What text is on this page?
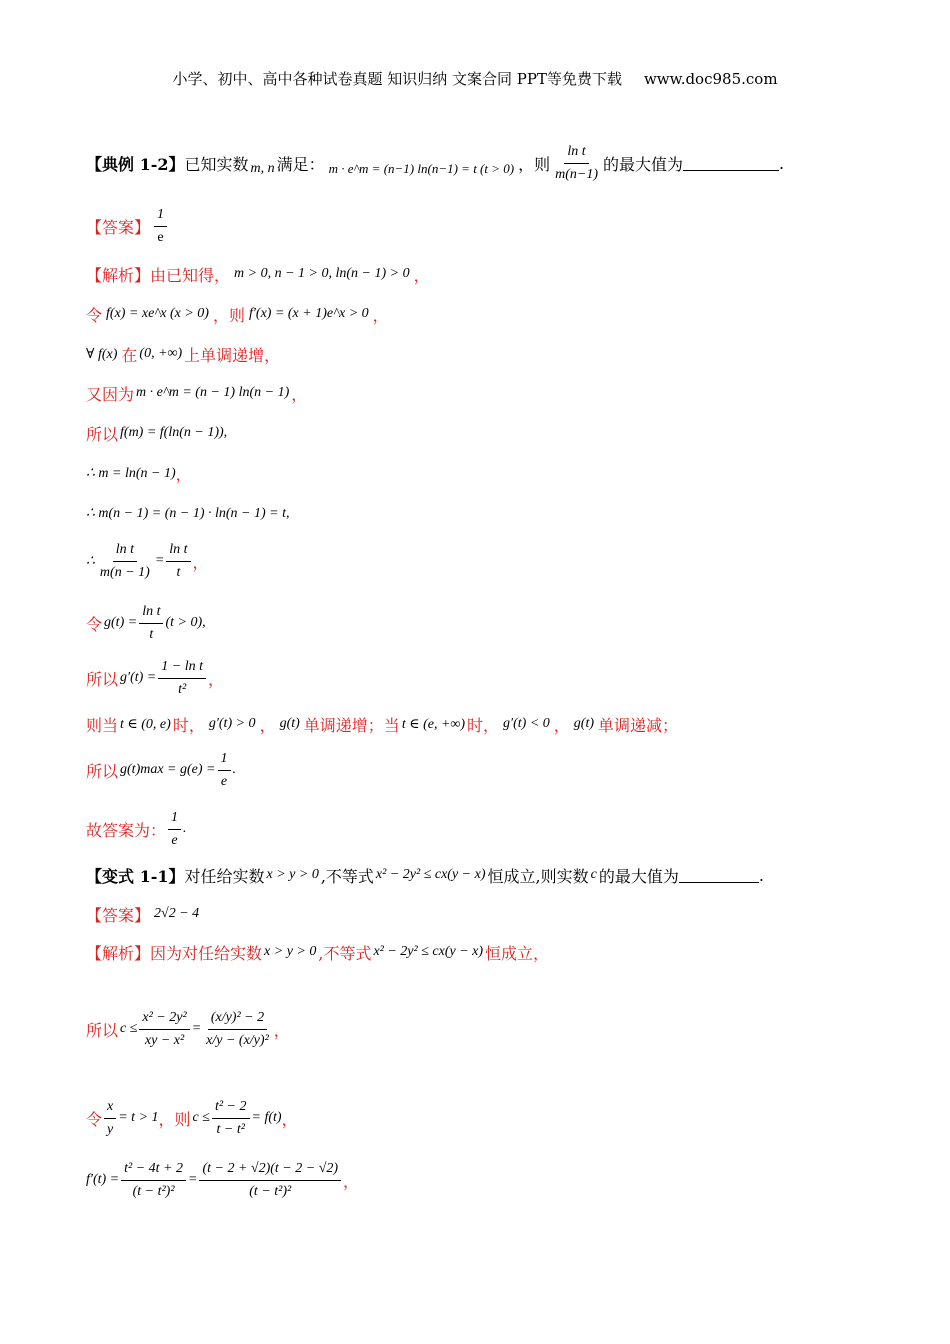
小学、初中、高中各种试卷真题 知识归纳 文案合同 PPT等免费下载 www.doc985.com
【典例 1-2】 已知实数 m, n 满足： m · e^m = (n−1) ln(n−1) = t (t > 0) ，则 $\frac{\text{ln t}}{m(n-1)}$ 的最大值为	.
【答案】 $\frac{1}{e}$
【解析】 由已知得， m > 0, n − 1 > 0, ln(n − 1) > 0 ，
令 f(x) = xe^x (x > 0) ，则 f′(x) = (x + 1)e^x > 0 ，
∀ f(x) 在 (0, +∞) 上单调递增，
又因为 m · e^m = (n − 1) ln(n − 1) ，
所以 f(m) = f(ln(n − 1)),
∴ m = ln(n − 1) ，
∴ m(n − 1) = (n − 1) · ln(n − 1) = t,
∴ $\frac{\text{ln t}}{m(n - 1)} = \frac{\text{ln t}}{t}$ ，
令 $g(t) = \frac{\text{ln t}}{t} (t > 0)$,
所以 $g'(t) = \frac{\text{1 − ln t}}{\text{t²}}$ ，
则当 t ∈ (0, e) 时， g′(t) > 0 ， g(t) 单调递增；当 t ∈ (e, +∞) 时， g′(t) < 0 ， g(t) 单调递减；
所以 $g(t)\max = g(e) = \frac{1}{e}$ .
故答案为： $\frac{1}{e}$ .
【变式 1-1】 对任给实数 x > y > 0 ,不等式 x² − 2y² ≤ cx(y − x) 恒成立,则实数 c 的最大值为	.
【答案】 2√2 − 4
【解析】 因为对任给实数 x > y > 0 ,不等式 x² − 2y² ≤ cx(y − x) 恒成立，
所以 $c \le \frac{\text{x² − 2y²}}{\text{xy − x²}} = \frac{\text{(x/y)² − 2}}{\text{x/y − (x/y)²}}$ ，
令 $\frac{x}{y} = t > 1$ ，则 $c \le \frac{\text{t² − 2}}{\text{t − t²}} = f(t)$ ，
$f'(t) = \frac{\text{t² − 4t + 2}}{\text{(t − t²)²}} = \frac{(t - 2 + √2)(t - 2 - √2)}{\text{(t − t²)²}}$ ，
